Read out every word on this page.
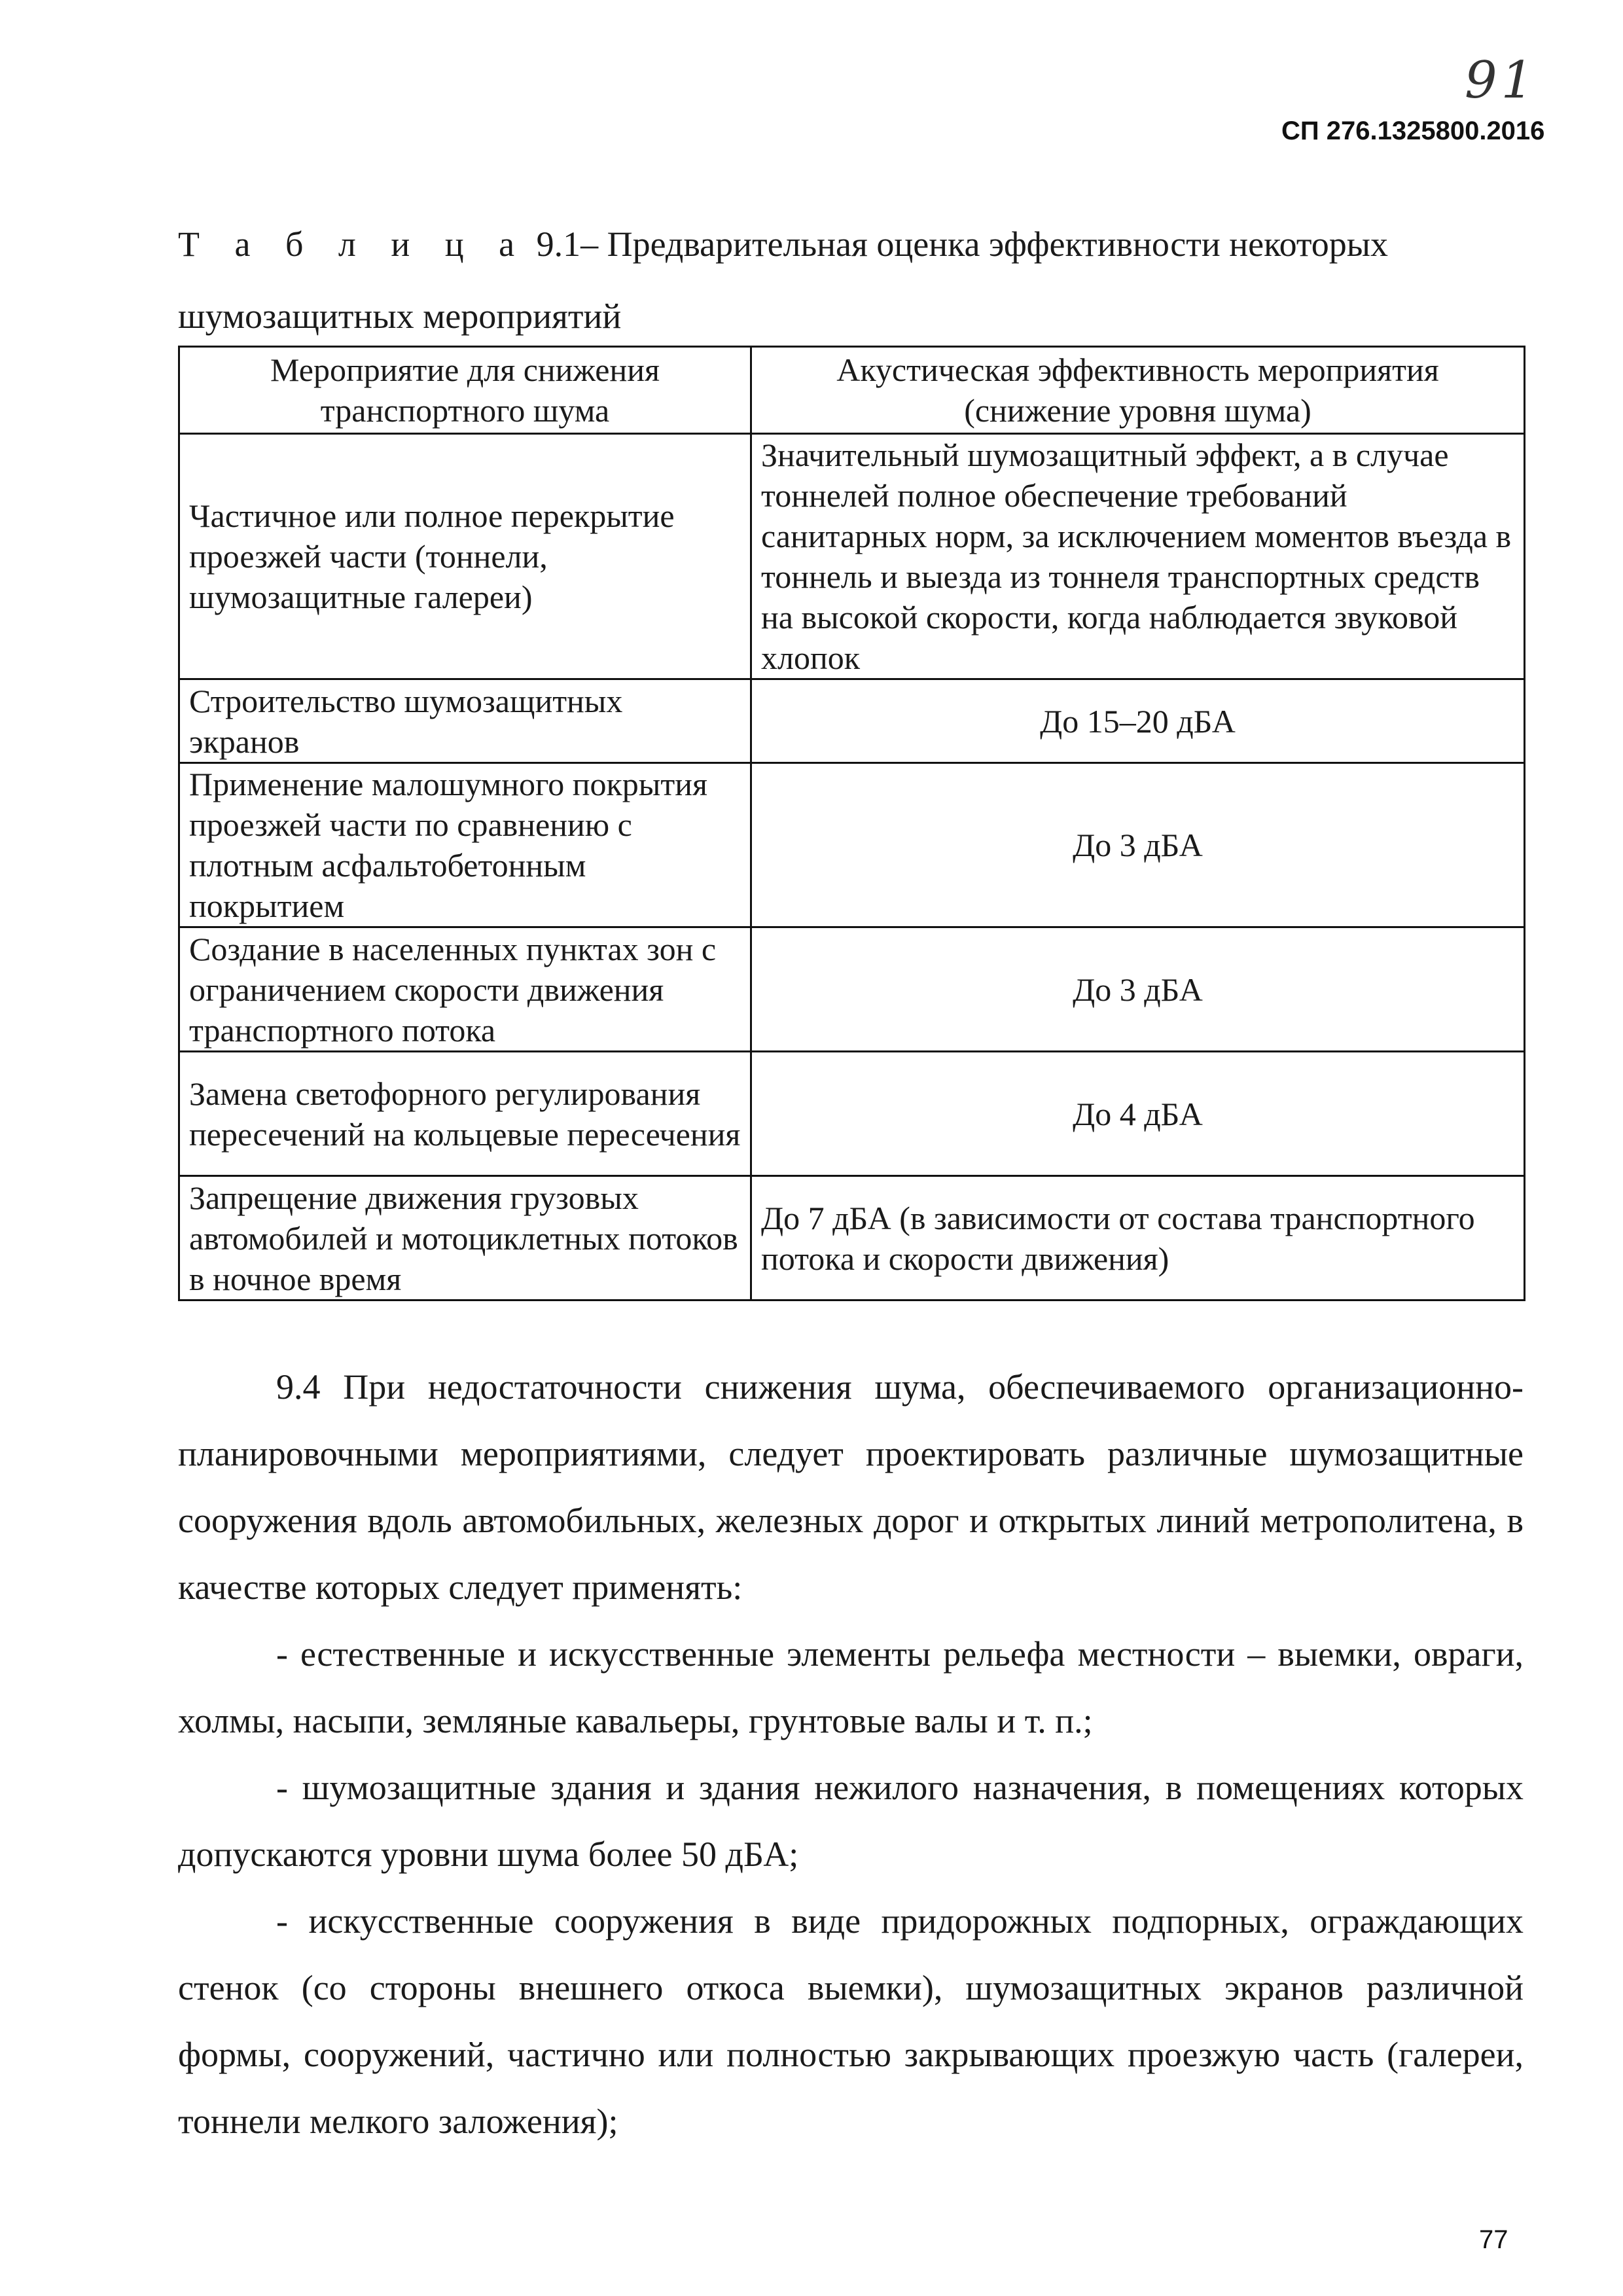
91
СП 276.1325800.2016
Т а б л и ц а 9.1– Предварительная оценка эффективности некоторых шумозащитных мероприятий
Мероприятие для снижения транспортного шума	Акустическая эффективность мероприятия (снижение уровня шума)
Частичное или полное перекрытие проезжей части (тоннели, шумозащитные галереи)	Значительный шумозащитный эффект, а в случае тоннелей полное обеспечение требований санитарных норм, за исключением моментов въезда в тоннель и выезда из тоннеля транспортных средств на высокой скорости, когда наблюдается звуковой хлопок
Строительство шумозащитных экранов	До 15–20 дБА
Применение малошумного покрытия проезжей части по сравнению с плотным асфальтобетонным покрытием	До 3 дБА
Создание в населенных пунктах зон с ограничением скорости движения транспортного потока	До 3 дБА
Замена светофорного регулирования пересечений на кольцевые пересечения	До 4 дБА
Запрещение движения грузовых автомобилей и мотоциклетных потоков в ночное время	До 7 дБА (в зависимости от состава транспортного потока и скорости движения)

9.4 При недостаточности снижения шума, обеспечиваемого организационно-планировочными мероприятиями, следует проектировать различные шумозащитные сооружения вдоль автомобильных, железных дорог и открытых линий метрополитена, в качестве которых следует применять:

- естественные и искусственные элементы рельефа местности – выемки, овраги, холмы, насыпи, земляные кавальеры, грунтовые валы и т. п.;

- шумозащитные здания и здания нежилого назначения, в помещениях которых допускаются уровни шума более 50 дБА;

- искусственные сооружения в виде придорожных подпорных, ограждающих стенок (со стороны внешнего откоса выемки), шумозащитных экранов различной формы, сооружений, частично или полностью закрывающих проезжую часть (галереи, тоннели мелкого заложения);

77
